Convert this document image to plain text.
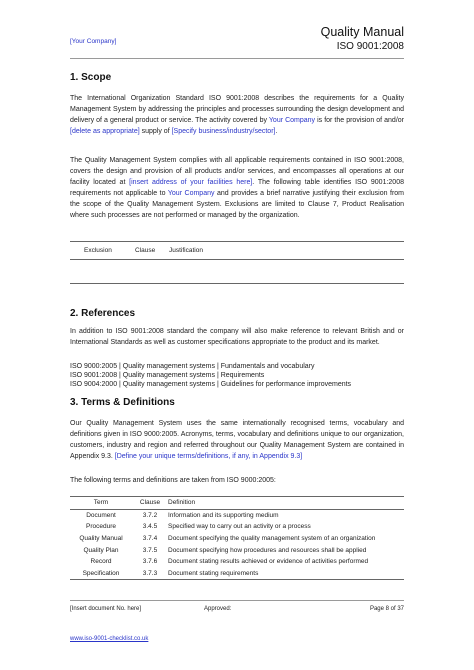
[Your Company]
Quality Manual
ISO 9001:2008
1. Scope
The International Organization Standard ISO 9001:2008 describes the requirements for a Quality Management System by addressing the principles and processes surrounding the design development and delivery of a general product or service. The activity covered by Your Company is for the provision of and/or [delete as appropriate] supply of [Specify business/industry/sector].
The Quality Management System complies with all applicable requirements contained in ISO 9001:2008, covers the design and provision of all products and/or services, and encompasses all operations at our facility located at [insert address of your facilities here]. The following table identifies ISO 9001:2008 requirements not applicable to Your Company and provides a brief narrative justifying their exclusion from the scope of the Quality Management System. Exclusions are limited to Clause 7, Product Realisation where such processes are not performed or managed by the organization.
Exclusion	Clause Justification
2. References
In addition to ISO 9001:2008 standard the company will also make reference to relevant British and or International Standards as well as customer specifications appropriate to the product and its market.
ISO 9000:2005 | Quality management systems | Fundamentals and vocabulary
ISO 9001:2008 | Quality management systems | Requirements
ISO 9004:2000 | Quality management systems | Guidelines for performance improvements
3. Terms & Definitions
Our Quality Management System uses the same internationally recognised terms, vocabulary and definitions given in ISO 9000:2005. Acronyms, terms, vocabulary and definitions unique to our organization, customers, industry and region and referred throughout our Quality Management System are contained in Appendix 9.3. [Define your unique terms/definitions, if any, in Appendix 9.3]
The following terms and definitions are taken from ISO 9000:2005:
Term	Clause	Definition
Document	3.7.2	Information and its supporting medium
Procedure	3.4.5	Specified way to carry out an activity or a process
Quality Manual	3.7.4	Document specifying the quality management system of an organization
Quality Plan	3.7.5	Document specifying how procedures and resources shall be applied
Record	3.7.6	Document stating results achieved or evidence of activities performed
Specification	3.7.3	Document stating requirements
[Insert document No. here]	Approved:	Page 8 of 37
www.iso-9001-checklist.co.uk
